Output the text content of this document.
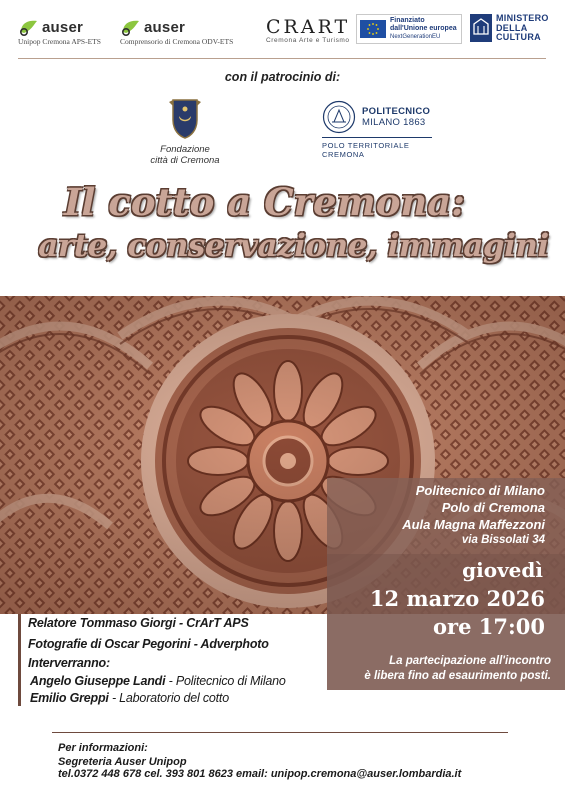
auser
Unipop Cremona APS-ETS
auser
Comprensorio di Cremona ODV-ETS
CRART
Cremona Arte e Turismo
Finanziato
dall'Unione europea
NextGenerationEU
MINISTERO
DELLA
CULTURA
con il patrocinio di:
Fondazione
città di Cremona
POLITECNICO
MILANO 1863
POLO TERRITORIALE
CREMONA
Il cotto a Cremona:
arte, conservazione, immagini
Politecnico di Milano
Polo di Cremona
Aula Magna Maffezzoni
via Bissolati 34
giovedì
12 marzo 2026
ore 17:00
La partecipazione all'incontro
è libera fino ad esaurimento posti.
Relatore Tommaso Giorgi - CrArT APS
Fotografie di Oscar Pegorini - Adverphoto
Interverranno:
Angelo Giuseppe Landi - Politecnico di Milano
Emilio Greppi - Laboratorio del cotto
Per informazioni:
Segreteria Auser Unipop
tel.0372 448 678 cel. 393 801 8623 email: unipop.cremona@auser.lombardia.it
